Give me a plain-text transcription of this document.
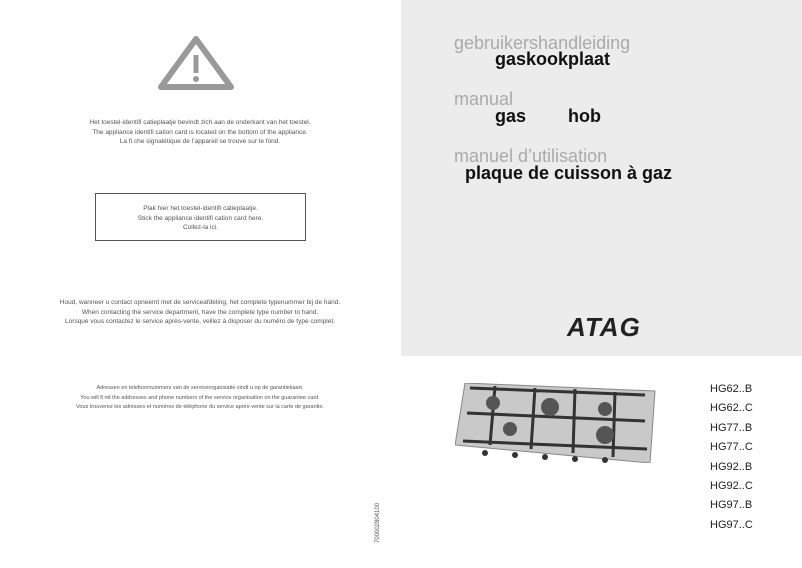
Het toestel-identifi catieplaatje bevindt zich aan de onderkant van het toestel.
The appliance identifi cation card is located on the bottom of the appliance.
La fi che signalétique de l’appareil se trouve sur le fond.
Plak hier het toestel-identifi catieplaatje.
Stick the appliance identifi cation card here.
Collez-la ici.
Houd, wanneer u contact opneemt met de serviceafdeling, het complete typenummer bij de hand.
When contacting the service department, have the complete type number to hand.
Lorsque vous contactez le service après-vente, veillez à disposer du numéro de type complet.
Adressen en telefoonnummers van de serviceorganisatie vindt u op de garantiekaart.
You will fi nd the addresses and phone numbers of the service organisation on the guarantee card.
Vous trouverez les adresses et numéros de téléphone du service après-vente sur la carte de garantie.
700002804100
gebruikershandleiding
gaskookplaat
manual
gas hob
manuel d’utilisation
plaque de cuisson à gaz
ATAG
HG62..B
HG62..C
HG77..B
HG77..C
HG92..B
HG92..C
HG97..B
HG97..C
